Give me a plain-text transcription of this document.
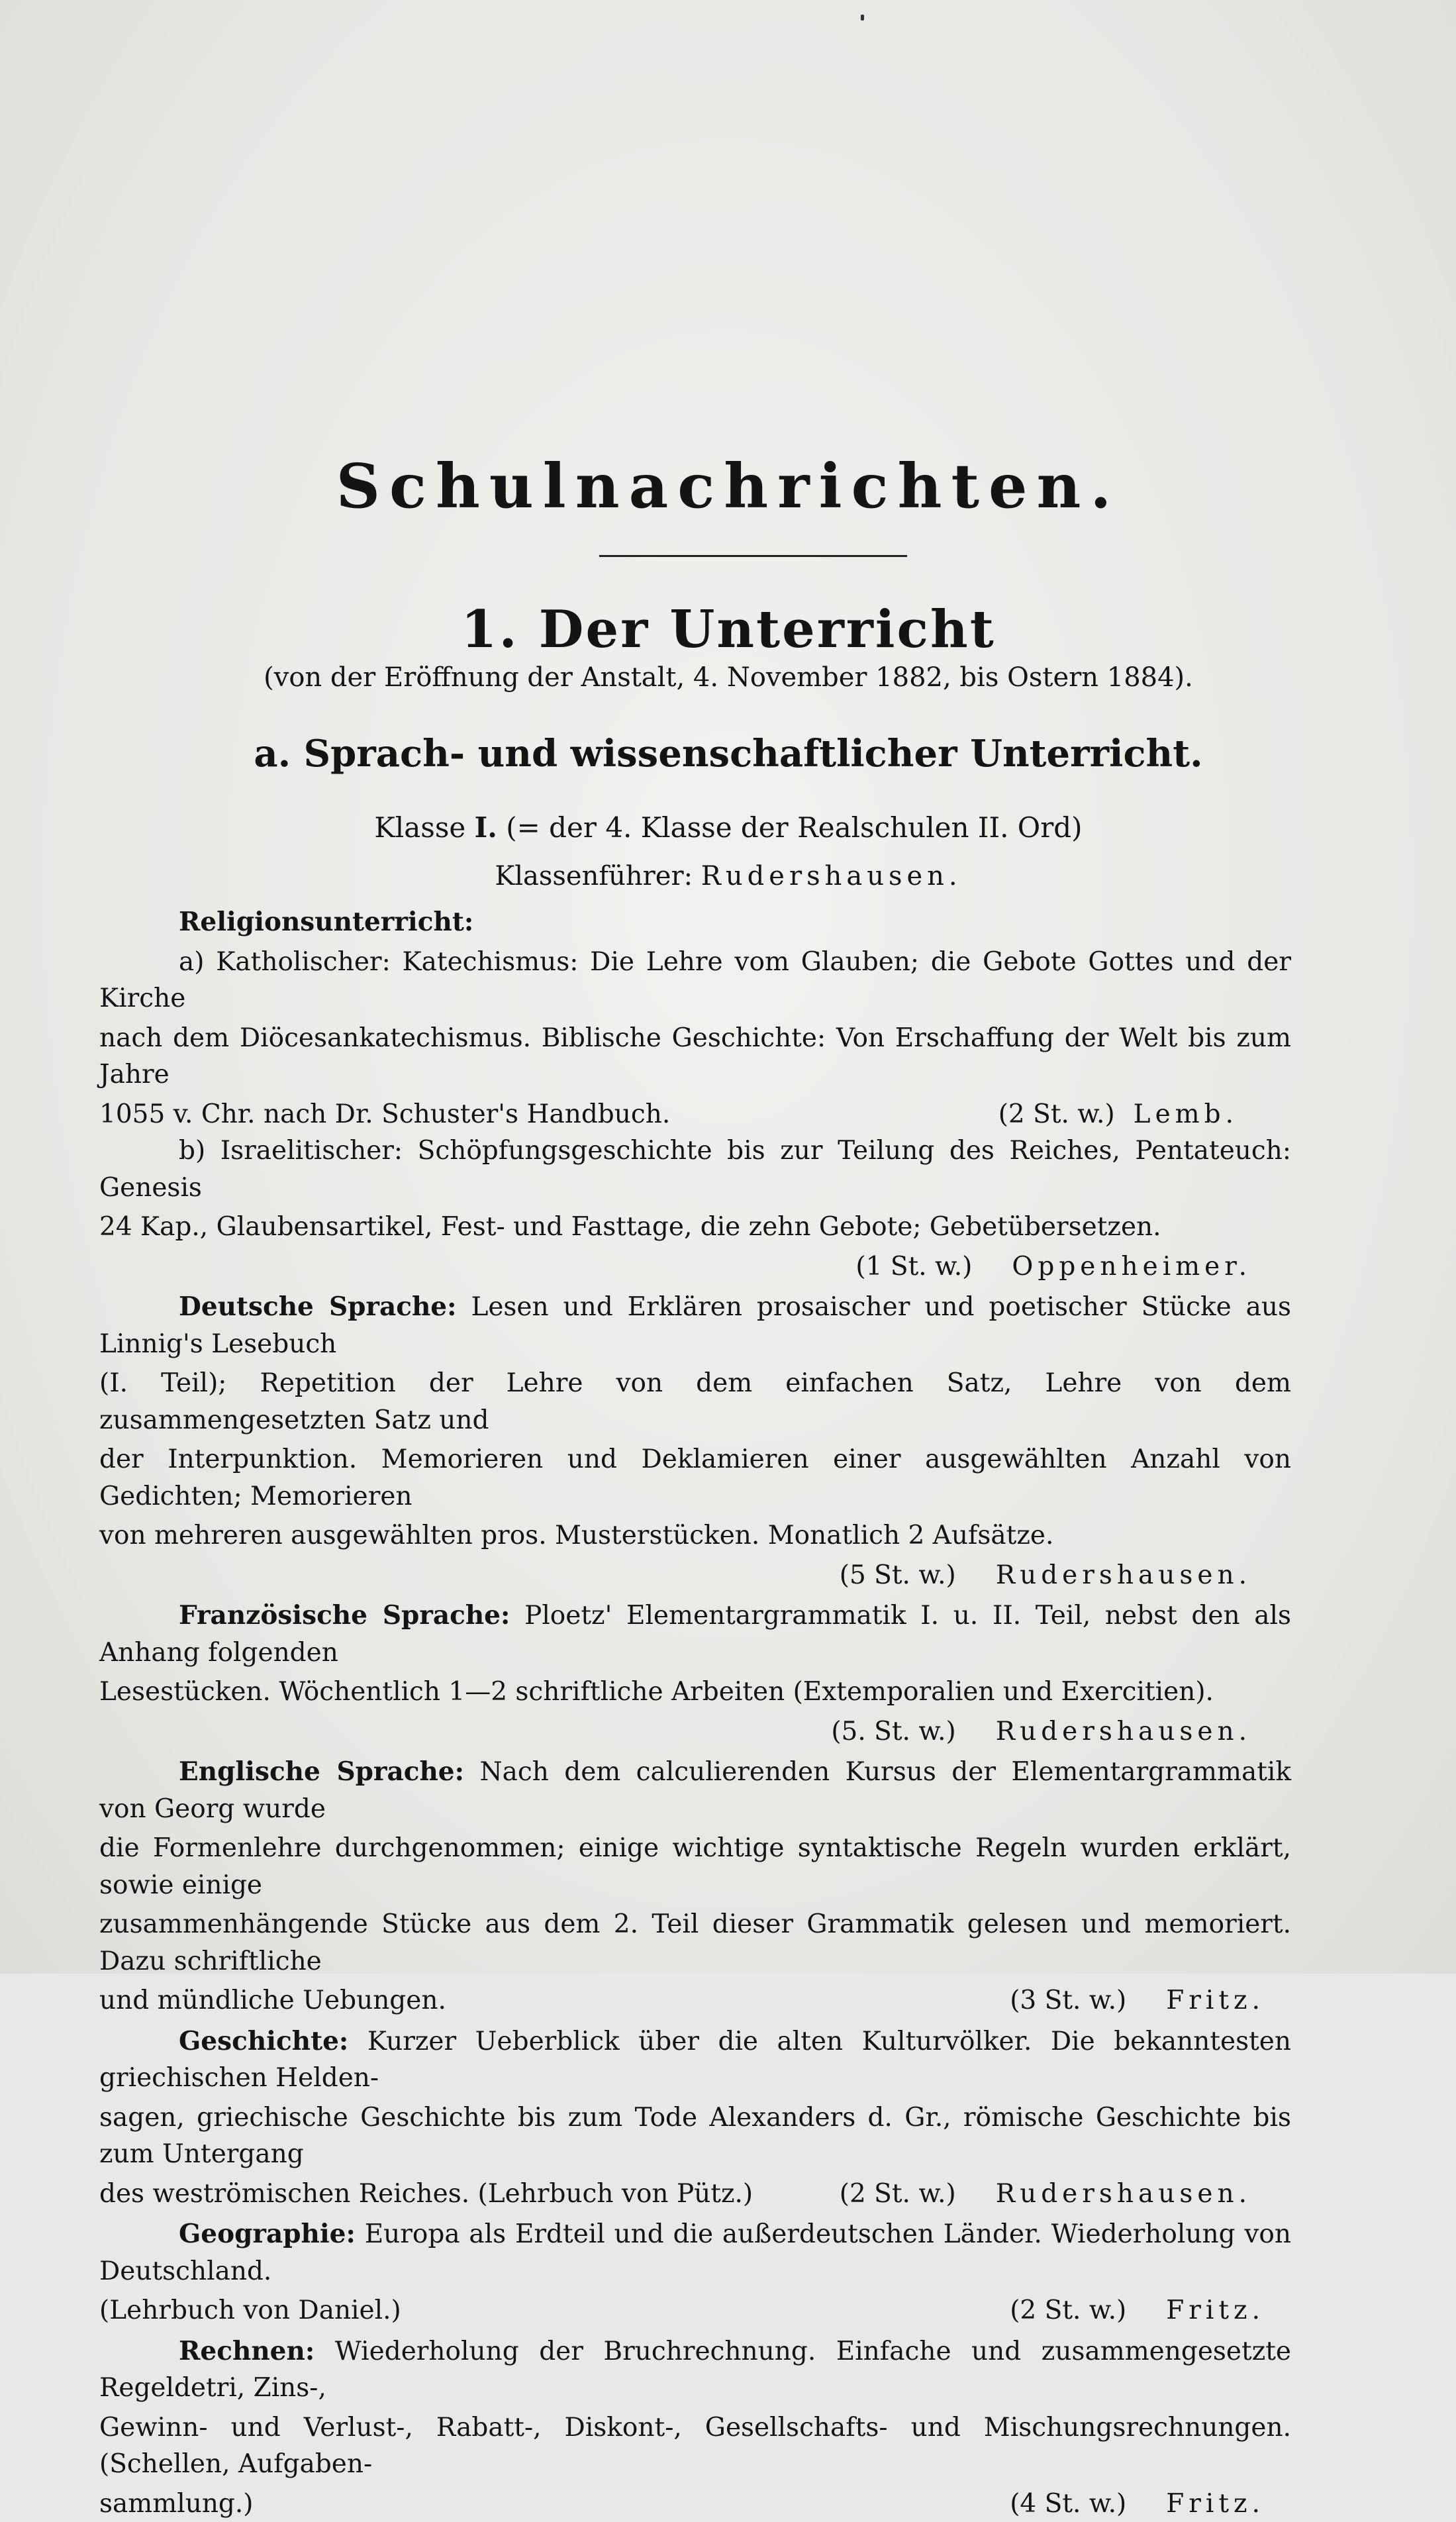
Schulnachrichten.
1. Der Unterricht
(von der Eröffnung der Anstalt, 4. November 1882, bis Ostern 1884).
a. Sprach- und wissenschaftlicher Unterricht.
Klasse I. (= der 4. Klasse der Realschulen II. Ord)
Klassenführer: Rudershausen.
Religionsunterricht:
a) Katholischer: Katechismus: Die Lehre vom Glauben; die Gebote Gottes und der Kirche
nach dem Diöcesankatechismus. Biblische Geschichte: Von Erschaffung der Welt bis zum Jahre
1055 v. Chr. nach Dr. Schuster's Handbuch.	(2 St. w.) Lemb.
b) Israelitischer: Schöpfungsgeschichte bis zur Teilung des Reiches, Pentateuch: Genesis
24 Kap., Glaubensartikel, Fest- und Fasttage, die zehn Gebote; Gebetübersetzen.
(1 St. w.) Oppenheimer.
Deutsche Sprache: Lesen und Erklären prosaischer und poetischer Stücke aus Linnig's Lesebuch
(I. Teil); Repetition der Lehre von dem einfachen Satz, Lehre von dem zusammengesetzten Satz und
der Interpunktion. Memorieren und Deklamieren einer ausgewählten Anzahl von Gedichten; Memorieren
von mehreren ausgewählten pros. Musterstücken. Monatlich 2 Aufsätze.
(5 St. w.) Rudershausen.
Französische Sprache: Ploetz' Elementargrammatik I. u. II. Teil, nebst den als Anhang folgenden
Lesestücken. Wöchentlich 1—2 schriftliche Arbeiten (Extemporalien und Exercitien).
(5. St. w.) Rudershausen.
Englische Sprache: Nach dem calculierenden Kursus der Elementargrammatik von Georg wurde
die Formenlehre durchgenommen; einige wichtige syntaktische Regeln wurden erklärt, sowie einige
zusammenhängende Stücke aus dem 2. Teil dieser Grammatik gelesen und memoriert. Dazu schriftliche
und mündliche Uebungen.	(3 St. w.) Fritz.
Geschichte: Kurzer Ueberblick über die alten Kulturvölker. Die bekanntesten griechischen Helden-
sagen, griechische Geschichte bis zum Tode Alexanders d. Gr., römische Geschichte bis zum Untergang
des weströmischen Reiches. (Lehrbuch von Pütz.)	(2 St. w.) Rudershausen.
Geographie: Europa als Erdteil und die außerdeutschen Länder. Wiederholung von Deutschland.
(Lehrbuch von Daniel.)	(2 St. w.) Fritz.
Rechnen: Wiederholung der Bruchrechnung. Einfache und zusammengesetzte Regeldetri, Zins-,
Gewinn- und Verlust-, Rabatt-, Diskont-, Gesellschafts- und Mischungsrechnungen. (Schellen, Aufgaben-
sammlung.)	(4 St. w.) Fritz.
